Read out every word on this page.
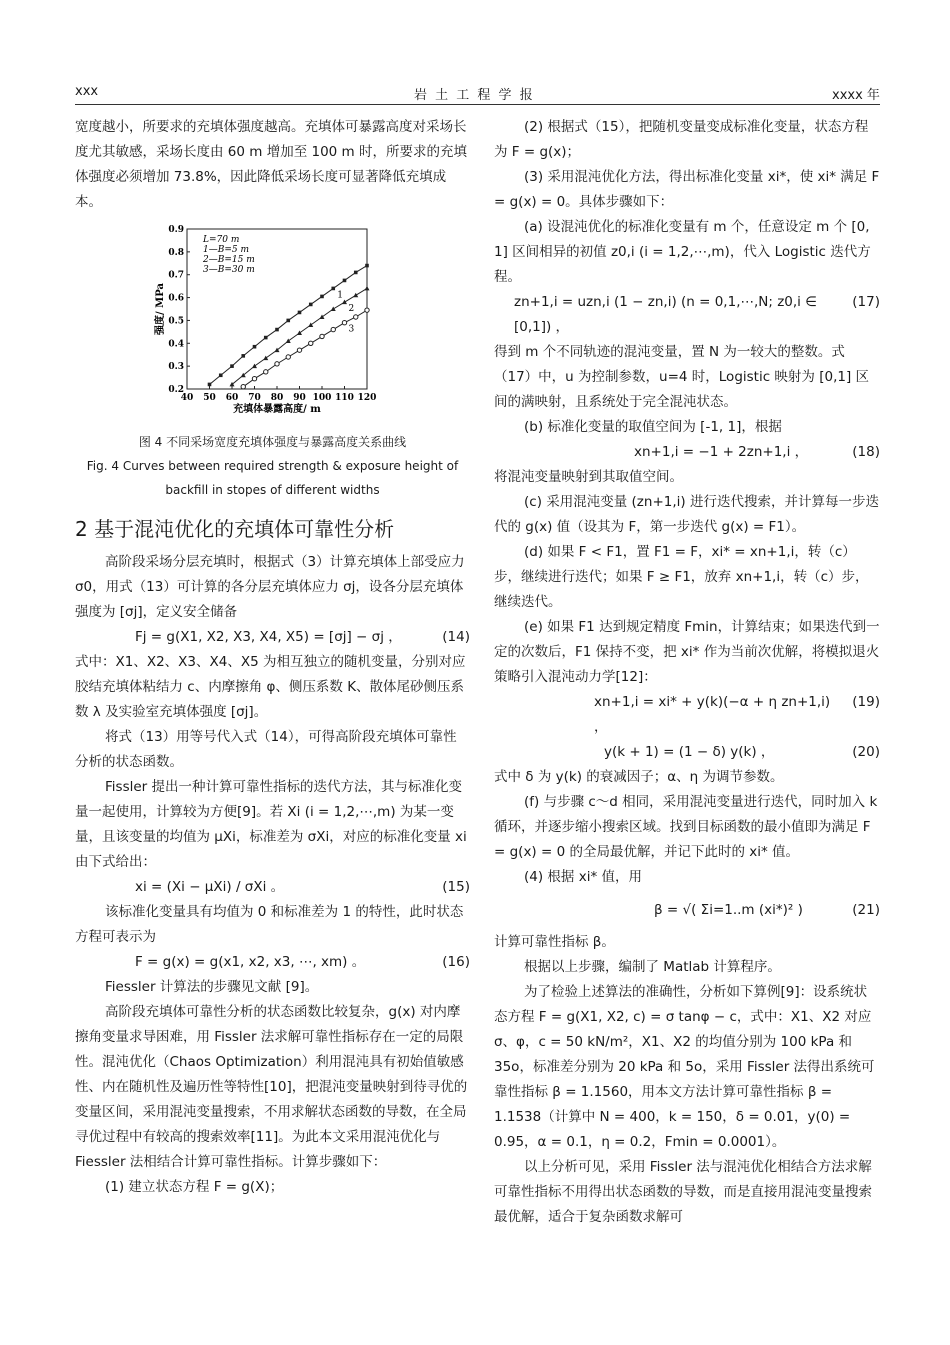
xxx	岩 土 工 程 学 报	xxxx 年

宽度越小，所要求的充填体强度越高。充填体可暴露高度对采场长度尤其敏感，采场长度由 60 m 增加至 100 m 时，所要求的充填体强度必须增加 73.8%，因此降低采场长度可显著降低充填成本。

40 50 60 70 80 90 100 110 120
0.2
0.3
0.4
0.5
0.6
0.7
0.8
0.9
充填体暴露高度/ m
强度/ MPa
L=70 m
1—B=5 m
2—B=15 m
3—B=30 m
1
2
3
图 4 不同采场宽度充填体强度与暴露高度关系曲线
Fig. 4 Curves between required strength & exposure height of backfill in stopes of different widths
2 基于混沌优化的充填体可靠性分析

高阶段采场分层充填时，根据式（3）计算充填体上部受应力 σ0，用式（13）可计算的各分层充填体应力 σj，设各分层充填体强度为 [σj]，定义安全储备

Fj = g(X1, X2, X3, X4, X5) = [σj] − σj ，	(14)

式中：X1、X2、X3、X4、X5 为相互独立的随机变量，分别对应胶结充填体粘结力 c、内摩擦角 φ、侧压系数 K、散体尾砂侧压系数 λ 及实验室充填体强度 [σj]。

将式（13）用等号代入式（14），可得高阶段充填体可靠性分析的状态函数。

Fissler 提出一种计算可靠性指标的迭代方法，其与标准化变量一起使用，计算较为方便[9]。若 Xi (i = 1,2,⋯,m) 为某一变量，且该变量的均值为 μXi，标准差为 σXi，对应的标准化变量 xi 由下式给出：

xi = (Xi − μXi) / σXi 。	(15)

该标准化变量具有均值为 0 和标准差为 1 的特性，此时状态方程可表示为

F = g(x) = g(x1, x2, x3, ⋯, xm) 。	(16)

Fiessler 计算法的步骤见文献 [9]。

高阶段充填体可靠性分析的状态函数比较复杂，g(x) 对内摩擦角变量求导困难，用 Fissler 法求解可靠性指标存在一定的局限性。混沌优化（Chaos Optimization）利用混沌具有初始值敏感性、内在随机性及遍历性等特性[10]，把混沌变量映射到待寻优的变量区间，采用混沌变量搜索，不用求解状态函数的导数，在全局寻优过程中有较高的搜索效率[11]。为此本文采用混沌优化与 Fiessler 法相结合计算可靠性指标。计算步骤如下：

(1) 建立状态方程 F = g(X)；

(2) 根据式（15），把随机变量变成标准化变量，状态方程为 F = g(x)；

(3) 采用混沌优化方法，得出标准化变量 xi*，使 xi* 满足 F = g(x) = 0。具体步骤如下：

(a) 设混沌优化的标准化变量有 m 个，任意设定 m 个 [0, 1] 区间相异的初值 z0,i (i = 1,2,⋯,m)，代入 Logistic 迭代方程。

zn+1,i = uzn,i (1 − zn,i) (n = 0,1,⋯,N; z0,i ∈ [0,1]) ，
(17)

得到 m 个不同轨迹的混沌变量，置 N 为一较大的整数。式（17）中，u 为控制参数，u=4 时，Logistic 映射为 [0,1] 区间的满映射，且系统处于完全混沌状态。

(b) 标准化变量的取值空间为 [-1, 1]，根据

xn+1,i = −1 + 2zn+1,i ，	(18)

将混沌变量映射到其取值空间。

(c) 采用混沌变量 (zn+1,i) 进行迭代搜索，并计算每一步迭代的 g(x) 值（设其为 F，第一步迭代 g(x) = F1）。

(d) 如果 F < F1，置 F1 = F，xi* = xn+1,i，转（c）步，继续进行迭代；如果 F ≥ F1，放弃 xn+1,i，转（c）步，继续迭代。

(e) 如果 F1 达到规定精度 Fmin，计算结束；如果迭代到一定的次数后，F1 保持不变，把 xi* 作为当前次优解，将模拟退火策略引入混沌动力学[12]：

xn+1,i = xi* + y(k)(−α + η zn+1,i) ，
(19)
y(k + 1) = (1 − δ) y(k) ，	(20)

式中 δ 为 y(k) 的衰减因子；α、η 为调节参数。

(f) 与步骤 c～d 相同，采用混沌变量进行迭代，同时加入 k 循环，并逐步缩小搜索区域。找到目标函数的最小值即为满足 F = g(x) = 0 的全局最优解，并记下此时的 xi* 值。

(4) 根据 xi* 值，用

β = √( Σi=1..m (xi*)² )	(21)

计算可靠性指标 β。

根据以上步骤，编制了 Matlab 计算程序。

为了检验上述算法的准确性，分析如下算例[9]：设系统状态方程 F = g(X1, X2, c) = σ tanφ − c，式中：X1、X2 对应 σ、φ，c = 50 kN/m²，X1、X2 的均值分别为 100 kPa 和 35o，标准差分别为 20 kPa 和 5o，采用 Fissler 法得出系统可靠性指标 β = 1.1560，用本文方法计算可靠性指标 β = 1.1538（计算中 N = 400，k = 150，δ = 0.01，y(0) = 0.95，α = 0.1，η = 0.2，Fmin = 0.0001）。

以上分析可见，采用 Fissler 法与混沌优化相结合方法求解可靠性指标不用得出状态函数的导数，而是直接用混沌变量搜索最优解，适合于复杂函数求解可
